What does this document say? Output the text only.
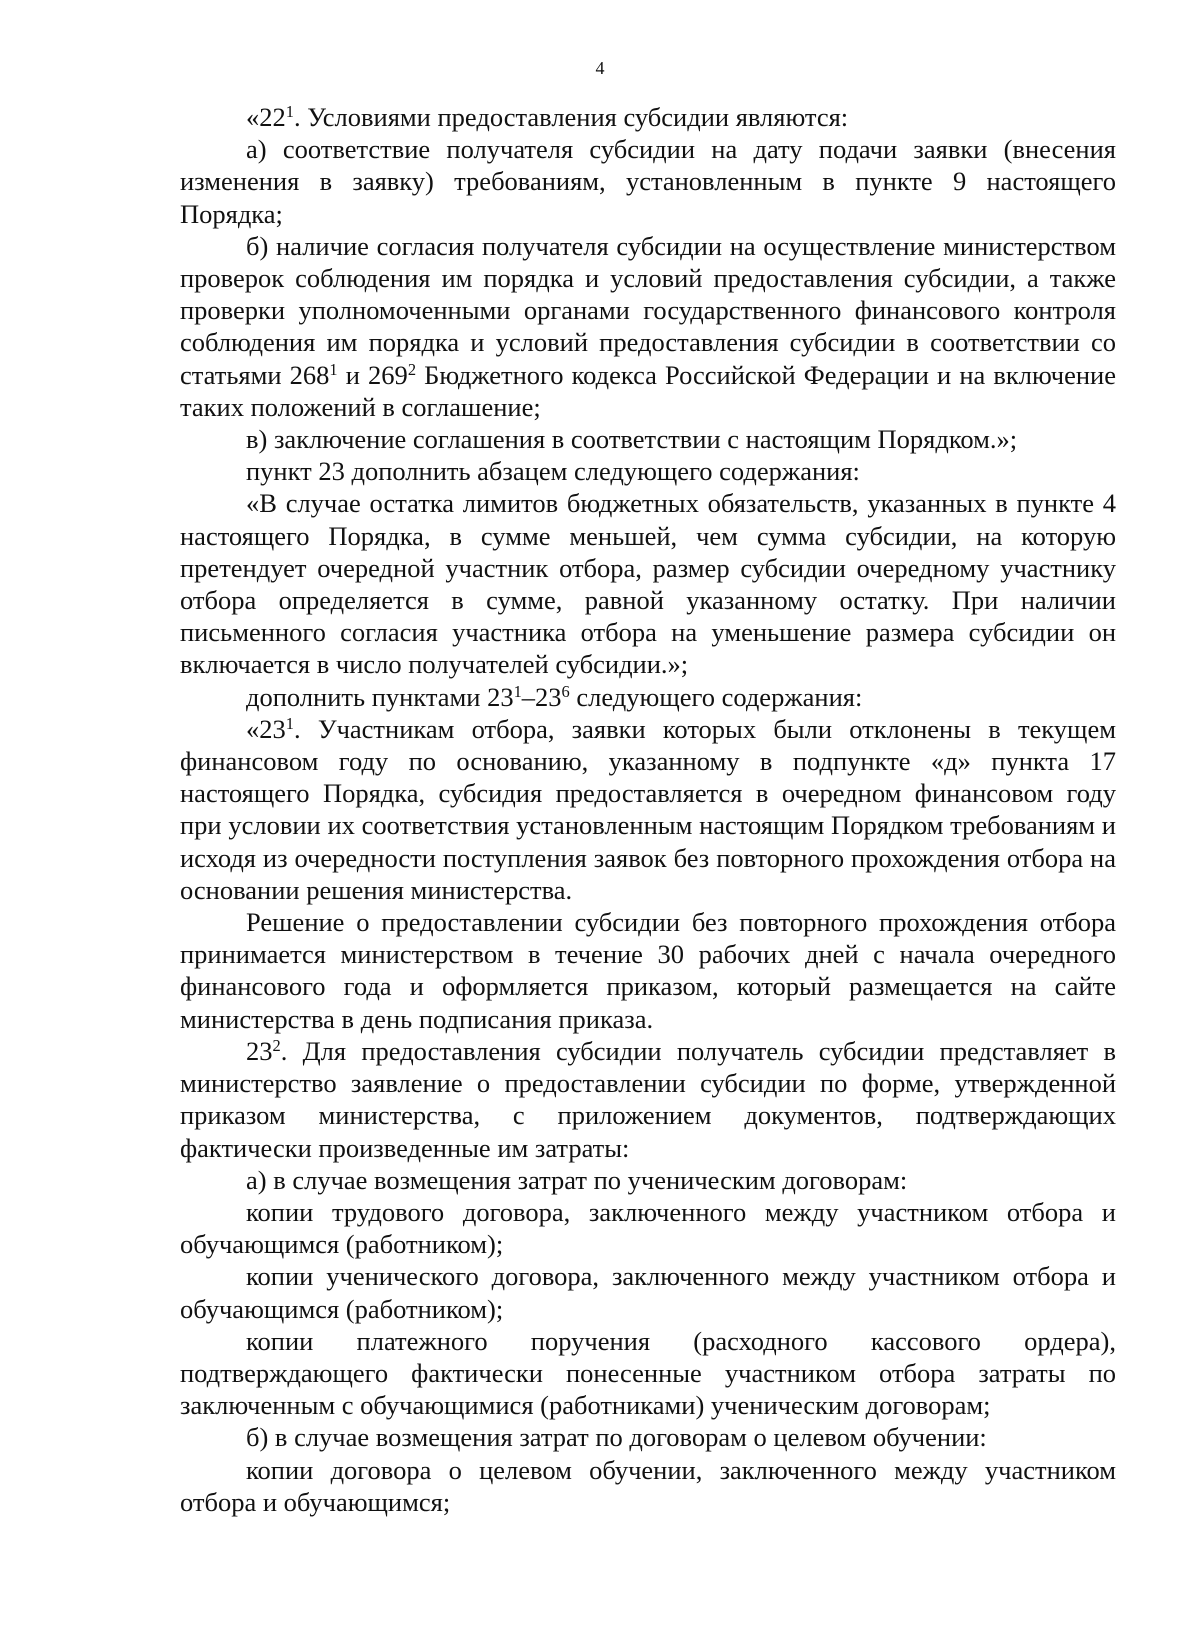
4

«$22^1$. Условиями предоставления субсидии являются:

а) соответствие получателя субсидии на дату подачи заявки (внесения изменения в заявку) требованиям, установленным в пункте 9 настоящего Порядка;

б) наличие согласия получателя субсидии на осуществление министерством проверок соблюдения им порядка и условий предоставления субсидии, а также проверки уполномоченными органами государственного финансового контроля соблюдения им порядка и условий предоставления субсидии в соответствии со статьями $268^1$ и $269^2$ Бюджетного кодекса Российской Федерации и на включение таких положений в соглашение;

в) заключение соглашения в соответствии с настоящим Порядком.»;

пункт 23 дополнить абзацем следующего содержания:

«В случае остатка лимитов бюджетных обязательств, указанных в пункте 4 настоящего Порядка, в сумме меньшей, чем сумма субсидии, на которую претендует очередной участник отбора, размер субсидии очередному участнику отбора определяется в сумме, равной указанному остатку. При наличии письменного согласия участника отбора на уменьшение размера субсидии он включается в число получателей субсидии.»;

дополнить пунктами $23^1-23^6$ следующего содержания:

«$23^1$. Участникам отбора, заявки которых были отклонены в текущем финансовом году по основанию, указанному в подпункте «д» пункта 17 настоящего Порядка, субсидия предоставляется в очередном финансовом году при условии их соответствия установленным настоящим Порядком требованиям и исходя из очередности поступления заявок без повторного прохождения отбора на основании решения министерства.

Решение о предоставлении субсидии без повторного прохождения отбора принимается министерством в течение 30 рабочих дней с начала очередного финансового года и оформляется приказом, который размещается на сайте министерства в день подписания приказа.

$23^2$. Для предоставления субсидии получатель субсидии представляет в министерство заявление о предоставлении субсидии по форме, утвержденной приказом министерства, с приложением документов, подтверждающих фактически произведенные им затраты:

а) в случае возмещения затрат по ученическим договорам:

копии трудового договора, заключенного между участником отбора и обучающимся (работником);

копии ученического договора, заключенного между участником отбора и обучающимся (работником);

копии платежного поручения (расходного кассового ордера), подтверждающего фактически понесенные участником отбора затраты по заключенным с обучающимися (работниками) ученическим договорам;

б) в случае возмещения затрат по договорам о целевом обучении:

копии договора о целевом обучении, заключенного между участником отбора и обучающимся;
